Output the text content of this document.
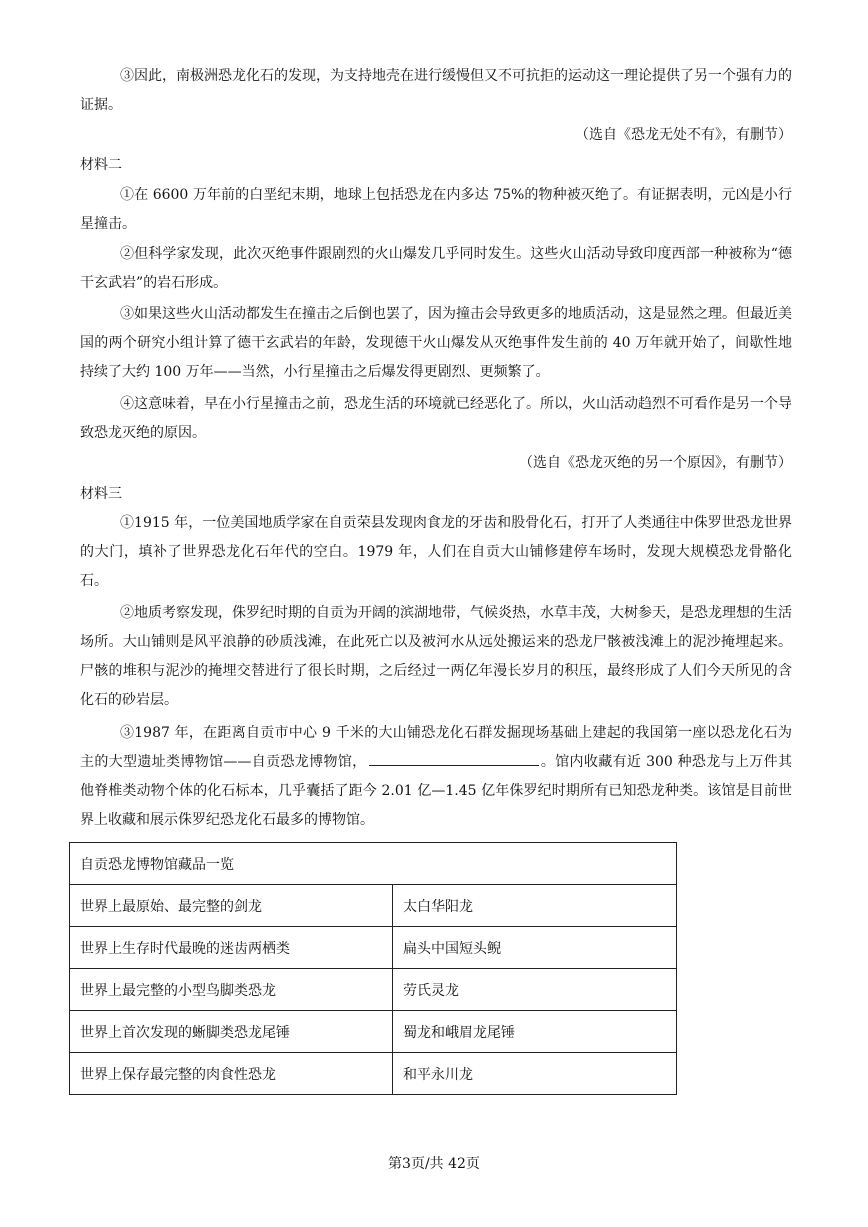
③因此，南极洲恐龙化石的发现，为支持地壳在进行缓慢但又不可抗拒的运动这一理论提供了另一个强有力的证据。
（选自《恐龙无处不有》，有删节）
材料二
①在 6600 万年前的白垩纪末期，地球上包括恐龙在内多达 75%的物种被灭绝了。有证据表明，元凶是小行星撞击。
②但科学家发现，此次灭绝事件跟剧烈的火山爆发几乎同时发生。这些火山活动导致印度西部一种被称为“德干玄武岩”的岩石形成。
③如果这些火山活动都发生在撞击之后倒也罢了，因为撞击会导致更多的地质活动，这是显然之理。但最近美国的两个研究小组计算了德干玄武岩的年龄，发现德干火山爆发从灭绝事件发生前的 40 万年就开始了，间歇性地持续了大约 100 万年——当然，小行星撞击之后爆发得更剧烈、更频繁了。
④这意味着，早在小行星撞击之前，恐龙生活的环境就已经恶化了。所以，火山活动趋烈不可看作是另一个导致恐龙灭绝的原因。
（选自《恐龙灭绝的另一个原因》，有删节）
材料三
①1915 年，一位美国地质学家在自贡荣县发现肉食龙的牙齿和股骨化石，打开了人类通往中侏罗世恐龙世界的大门，填补了世界恐龙化石年代的空白。1979 年，人们在自贡大山铺修建停车场时，发现大规模恐龙骨骼化石。
②地质考察发现，侏罗纪时期的自贡为开阔的滨湖地带，气候炎热，水草丰茂，大树参天，是恐龙理想的生活场所。大山铺则是风平浪静的砂质浅滩，在此死亡以及被河水从远处搬运来的恐龙尸骸被浅滩上的泥沙掩埋起来。尸骸的堆积与泥沙的掩埋交替进行了很长时期，之后经过一两亿年漫长岁月的积压，最终形成了人们今天所见的含化石的砂岩层。
③1987 年，在距离自贡市中心 9 千米的大山铺恐龙化石群发掘现场基础上建起的我国第一座以恐龙化石为主的大型遗址类博物馆——自贡恐龙博物馆，	。馆内收藏有近 300 种恐龙与上万件其他脊椎类动物个体的化石标本，几乎囊括了距今 2.01 亿—1.45 亿年侏罗纪时期所有已知恐龙种类。该馆是目前世界上收藏和展示侏罗纪恐龙化石最多的博物馆。
自贡恐龙博物馆藏品一览	
世界上最原始、最完整的剑龙	太白华阳龙
世界上生存时代最晚的迷齿两栖类	扁头中国短头鲵
世界上最完整的小型鸟脚类恐龙	劳氏灵龙
世界上首次发现的蜥脚类恐龙尾锤	蜀龙和峨眉龙尾锤
世界上保存最完整的肉食性恐龙	和平永川龙
第3页/共 42页
